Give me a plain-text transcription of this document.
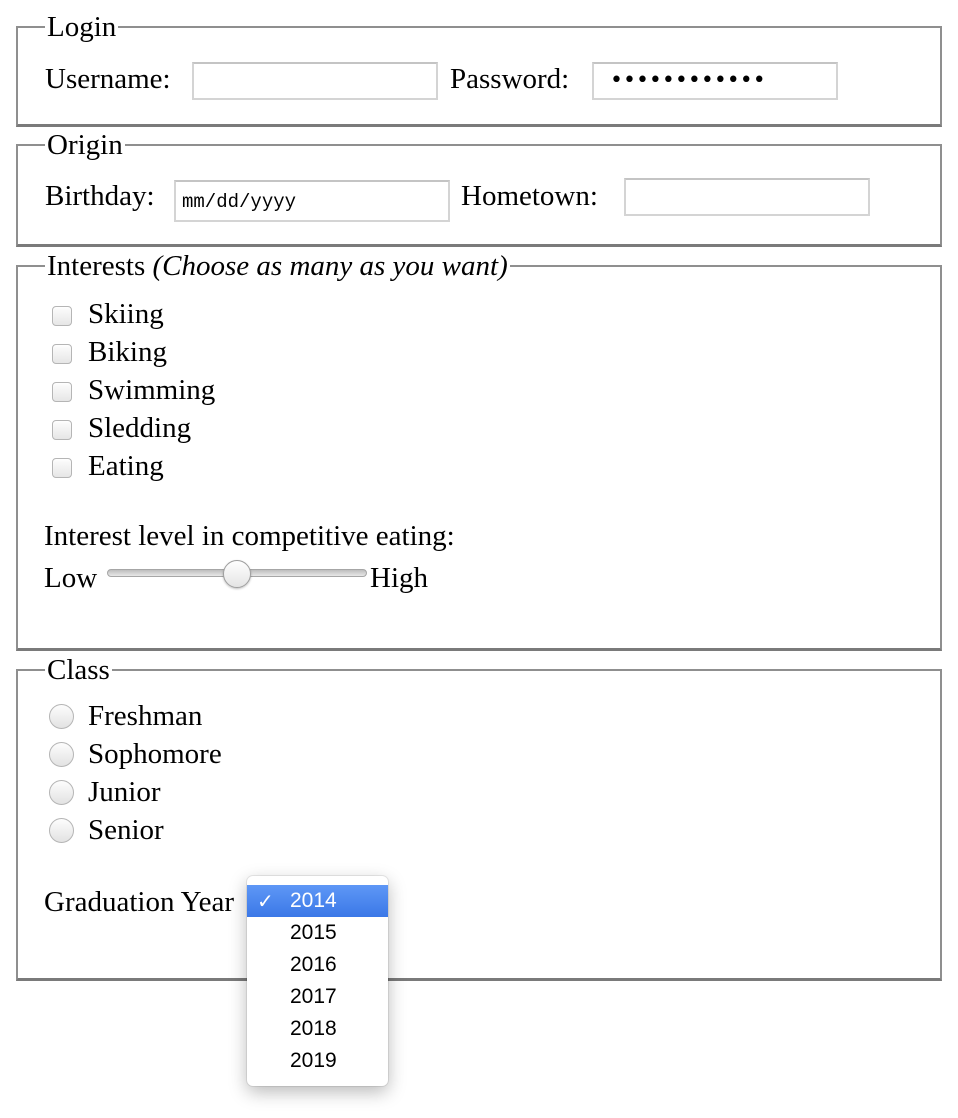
Login
Username:	Password: ••••••••••••
Origin
Birthday: mm/dd/yyyy	Hometown:
Interests (Choose as many as you want)
Skiing
Biking
Swimming
Sledding
Eating
Interest level in competitive eating:
Low	High
Class
Freshman
Sophomore
Junior
Senior
Graduation Year ✓ 2014
2015
2016
2017
2018
2019
